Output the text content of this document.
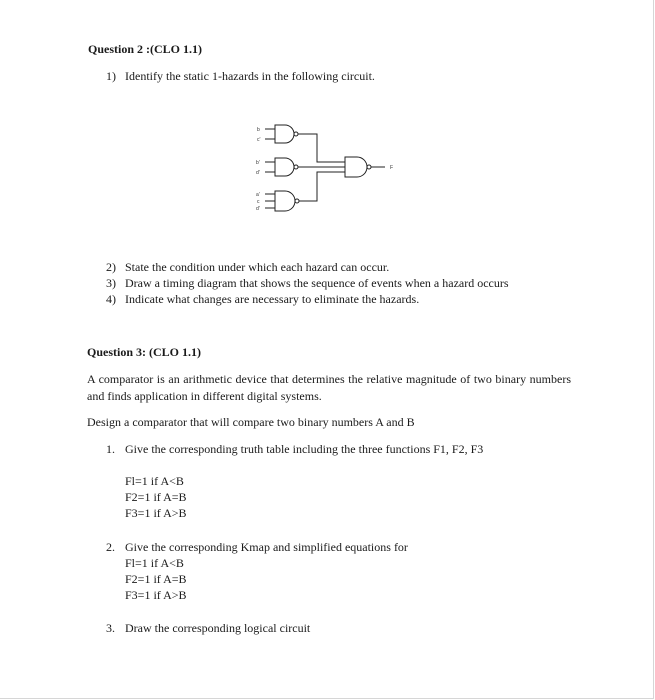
Question 2 :(CLO 1.1)
1) Identify the static 1-hazards in the following circuit.
b
c'
b'
d'
a'
c
d'
F
2) State the condition under which each hazard can occur.
3) Draw a timing diagram that shows the sequence of events when a hazard occurs
4) Indicate what changes are necessary to eliminate the hazards.
Question 3: (CLO 1.1)
A comparator is an arithmetic device that determines the relative magnitude of two binary numbers and finds application in different digital systems.
Design a comparator that will compare two binary numbers A and B
1. Give the corresponding truth table including the three functions F1, F2, F3
Fl=1 if A<B
F2=1 if A=B
F3=1 if A>B
2. Give the corresponding Kmap and simplified equations for
Fl=1 if A<B
F2=1 if A=B
F3=1 if A>B
3. Draw the corresponding logical circuit
